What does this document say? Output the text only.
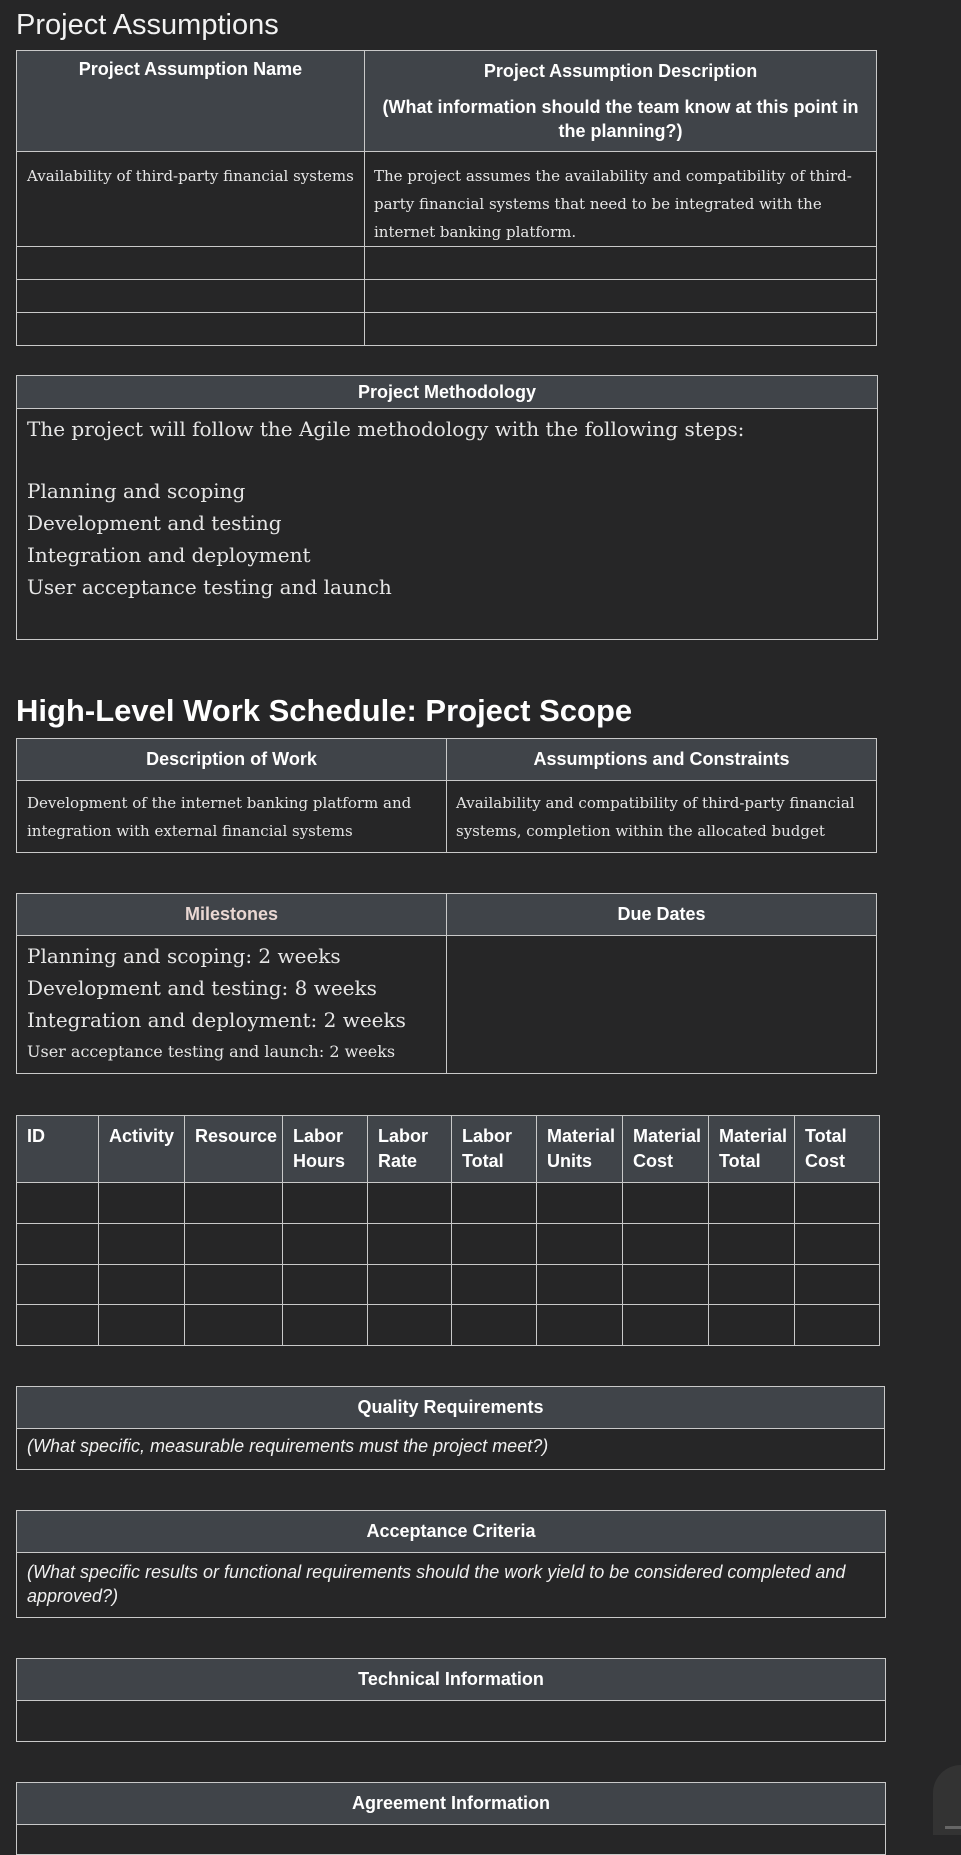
Project Assumptions
Project Assumption Name	Project Assumption Description
(What information should the team know at this point in the planning?)

Availability of third-party financial systems	The project assumes the availability and compatibility of third-party financial systems that need to be integrated with the internet banking platform.

Project Methodology

The project will follow the Agile methodology with the following steps:
Planning and scoping
Development and testing
Integration and deployment
User acceptance testing and launch
High-Level Work Schedule: Project Scope
Description of Work	Assumptions and Constraints
Development of the internet banking platform and integration with external financial systems	Availability and compatibility of third-party financial systems, completion within the allocated budget
Milestones	Due Dates

Planning and scoping: 2 weeks
Development and testing: 8 weeks
Integration and deployment: 2 weeks
User acceptance testing and launch: 2 weeks	

ID	Activity	Resource	Labor Hours	Labor Rate	Labor Total	Material Units	Material Cost	Material Total	Total Cost

Quality Requirements
(What specific, measurable requirements must the project meet?)
Acceptance Criteria
(What specific results or functional requirements should the work yield to be considered completed and approved?)
Technical Information

Agreement Information
